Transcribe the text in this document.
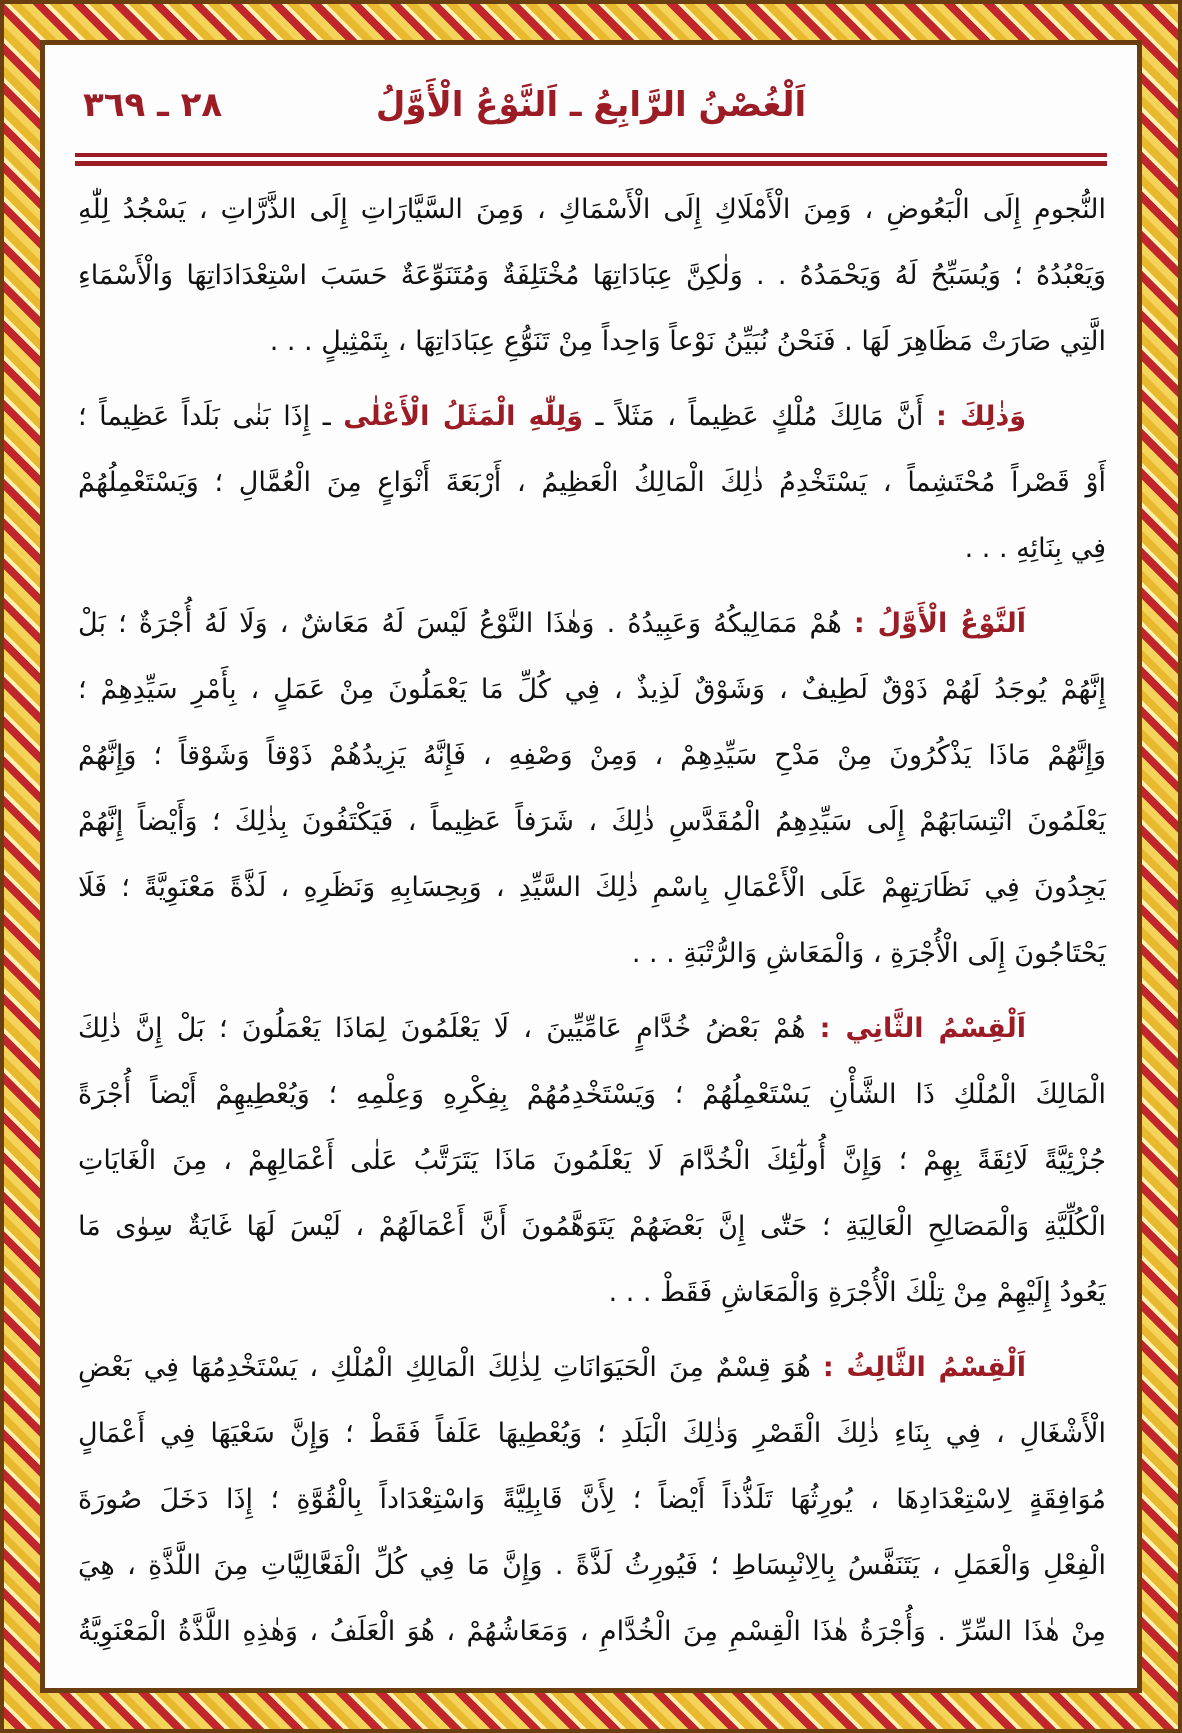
اَلْغُصْنُ الرَّابِعُ ـ اَلنَّوْعُ الْأَوَّلُ
٢٨ ـ ٣٦٩
النُّجومِ إِلَى الْبَعُوضِ ، وَمِنَ الْأَمْلَاكِ إِلَى الْأَسْمَاكِ ، وَمِنَ السَّيَّارَاتِ إِلَى الذَّرَّاتِ ، يَسْجُدُ لِلّٰهِ
وَيَعْبُدُهُ ؛ وَيُسَبِّحُ لَهُ وَيَحْمَدُهُ . . وَلٰكِنَّ عِبَادَاتِهَا مُخْتَلِفَةٌ وَمُتَنَوِّعَةٌ حَسَبَ اسْتِعْدَادَاتِهَا وَالْأَسْمَاءِ
الَّتِي صَارَتْ مَظَاهِرَ لَهَا . فَنَحْنُ نُبَيِّنُ نَوْعاً وَاحِداً مِنْ تَنَوُّعِ عِبَادَاتِهَا ، بِتَمْثِيلٍ . . .
وَذٰلِكَ : أَنَّ مَالِكَ مُلْكٍ عَظِيماً ، مَثَلاً ـ وَلِلّٰهِ الْمَثَلُ الْأَعْلٰى ـ إِذَا بَنٰى بَلَداً عَظِيماً ؛
أَوْ قَصْراً مُحْتَشِماً ، يَسْتَخْدِمُ ذٰلِكَ الْمَالِكُ الْعَظِيمُ ، أَرْبَعَةَ أَنْوَاعٍ مِنَ الْعُمَّالِ ؛ وَيَسْتَعْمِلُهُمْ
فِي بِنَائِهِ . . .
اَلنَّوْعُ الْأَوَّلُ : هُمْ مَمَالِيكُهُ وَعَبِيدُهُ . وَهٰذَا النَّوْعُ لَيْسَ لَهُ مَعَاشٌ ، وَلَا لَهُ أُجْرَةٌ ؛ بَلْ
إِنَّهُمْ يُوجَدُ لَهُمْ ذَوْقٌ لَطِيفٌ ، وَشَوْقٌ لَذِيذٌ ، فِي كُلِّ مَا يَعْمَلُونَ مِنْ عَمَلٍ ، بِأَمْرِ سَيِّدِهِمْ ؛
وَإِنَّهُمْ مَاذَا يَذْكُرُونَ مِنْ مَدْحِ سَيِّدِهِمْ ، وَمِنْ وَصْفِهِ ، فَإِنَّهُ يَزِيدُهُمْ ذَوْقاً وَشَوْقاً ؛ وَإِنَّهُمْ
يَعْلَمُونَ انْتِسَابَهُمْ إِلَى سَيِّدِهِمُ الْمُقَدَّسِ ذٰلِكَ ، شَرَفاً عَظِيماً ، فَيَكْتَفُونَ بِذٰلِكَ ؛ وَأَيْضاً إِنَّهُمْ
يَجِدُونَ فِي نَظَارَتِهِمْ عَلَى الْأَعْمَالِ بِاسْمِ ذٰلِكَ السَّيِّدِ ، وَبِحِسَابِهِ وَنَظَرِهِ ، لَذَّةً مَعْنَوِيَّةً ؛ فَلَا
يَحْتَاجُونَ إِلَى الْأُجْرَةِ ، وَالْمَعَاشِ وَالرُّتْبَةِ . . .
اَلْقِسْمُ الثَّانِي : هُمْ بَعْضُ خُدَّامٍ عَامِّيِّينَ ، لَا يَعْلَمُونَ لِمَاذَا يَعْمَلُونَ ؛ بَلْ إِنَّ ذٰلِكَ
الْمَالِكَ الْمُلْكِ ذَا الشَّأْنِ يَسْتَعْمِلُهُمْ ؛ وَيَسْتَخْدِمُهُمْ بِفِكْرِهِ وَعِلْمِهِ ؛ وَيُعْطِيهِمْ أَيْضاً أُجْرَةً
جُزْئِيَّةً لَائِقَةً بِهِمْ ؛ وَإِنَّ أُولٰٓئِكَ الْخُدَّامَ لَا يَعْلَمُونَ مَاذَا يَتَرَتَّبُ عَلٰى أَعْمَالِهِمْ ، مِنَ الْغَايَاتِ
الْكُلِّيَّةِ وَالْمَصَالِحِ الْعَالِيَةِ ؛ حَتّٰى إِنَّ بَعْضَهُمْ يَتَوَهَّمُونَ أَنَّ أَعْمَالَهُمْ ، لَيْسَ لَهَا غَايَةٌ سِوٰى مَا
يَعُودُ إِلَيْهِمْ مِنْ تِلْكَ الْأُجْرَةِ وَالْمَعَاشِ فَقَطْ . . .
اَلْقِسْمُ الثَّالِثُ : هُوَ قِسْمٌ مِنَ الْحَيَوَانَاتِ لِذٰلِكَ الْمَالِكِ الْمُلْكِ ، يَسْتَخْدِمُهَا فِي بَعْضِ
الْأَشْغَالِ ، فِي بِنَاءِ ذٰلِكَ الْقَصْرِ وَذٰلِكَ الْبَلَدِ ؛ وَيُعْطِيهَا عَلَفاً فَقَطْ ؛ وَإِنَّ سَعْيَهَا فِي أَعْمَالٍ
مُوَافِقَةٍ لِاسْتِعْدَادِهَا ، يُورِثُهَا تَلَذُّذاً أَيْضاً ؛ لِأَنَّ قَابِلِيَّةً وَاسْتِعْدَاداً بِالْقُوَّةِ ؛ إِذَا دَخَلَ صُورَةَ
الْفِعْلِ وَالْعَمَلِ ، يَتَنَفَّسُ بِالِانْبِسَاطِ ؛ فَيُورِثُ لَذَّةً . وَإِنَّ مَا فِي كُلِّ الْفَعَّالِيَّاتِ مِنَ اللَّذَّةِ ، هِيَ
مِنْ هٰذَا السِّرِّ . وَأُجْرَةُ هٰذَا الْقِسْمِ مِنَ الْخُدَّامِ ، وَمَعَاشُهُمْ ، هُوَ الْعَلَفُ ، وَهٰذِهِ اللَّذَّةُ الْمَعْنَوِيَّةُ
